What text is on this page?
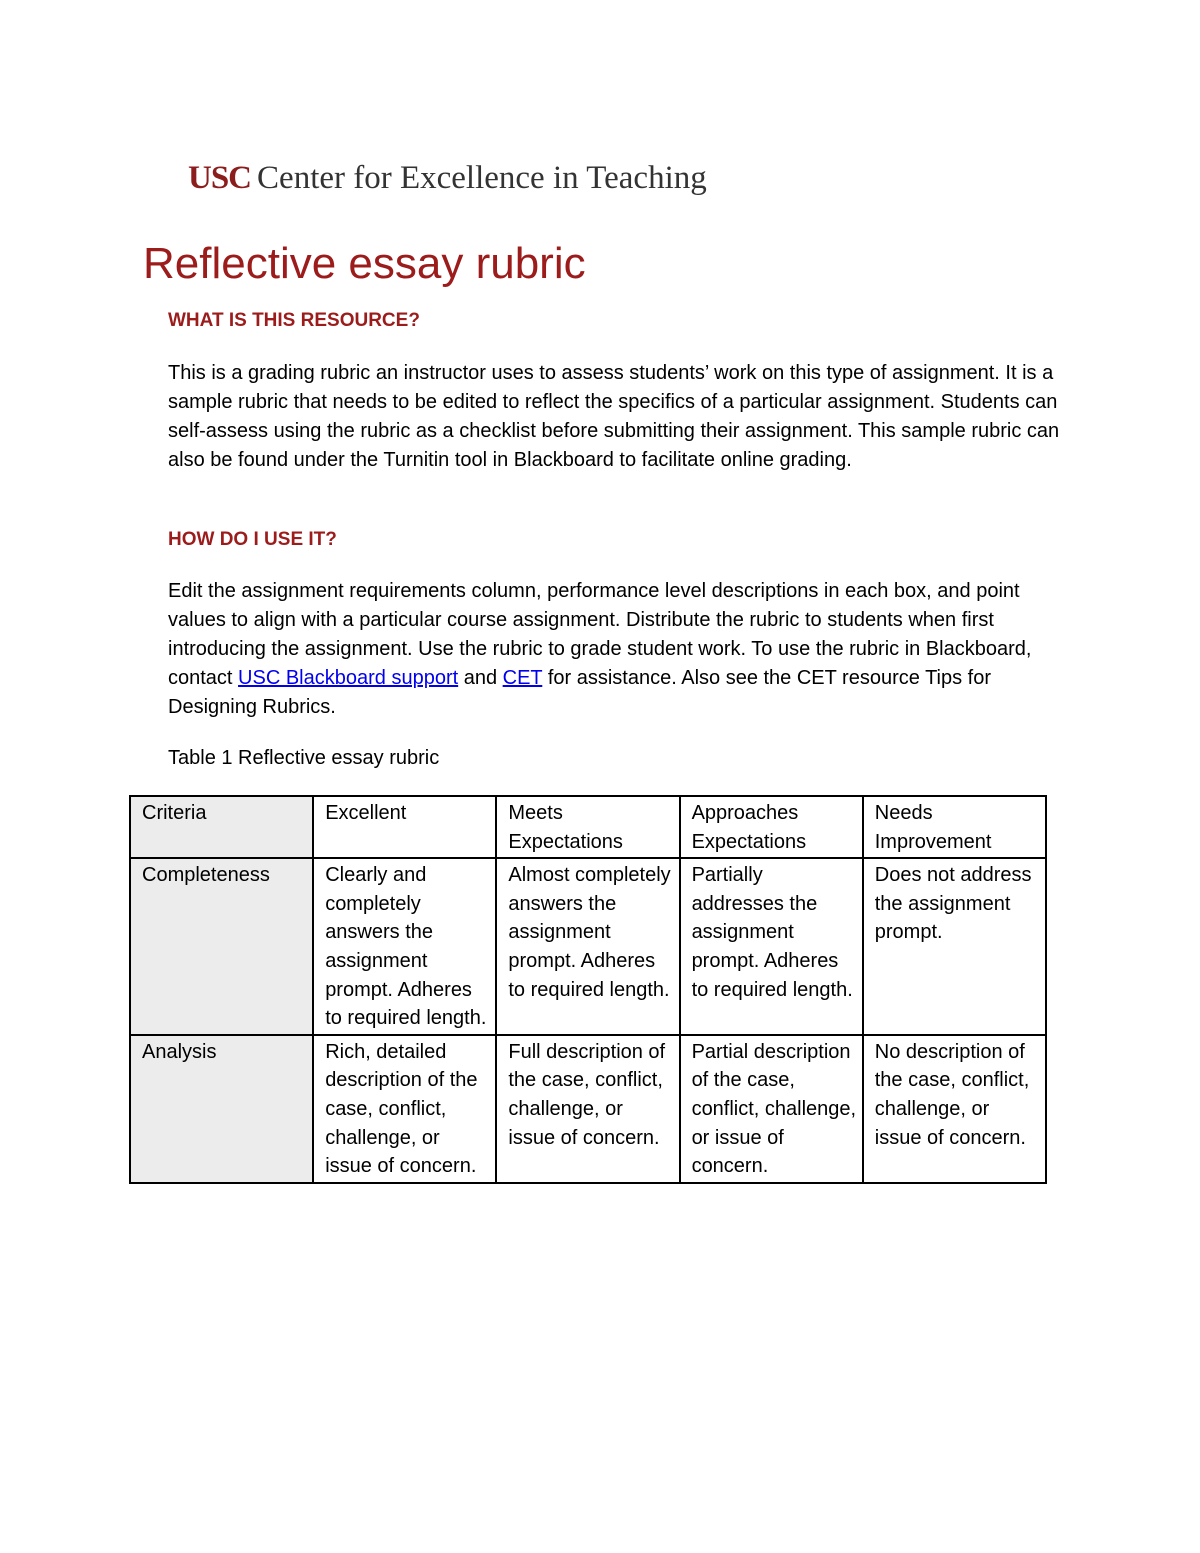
USC Center for Excellence in Teaching
Reflective essay rubric
WHAT IS THIS RESOURCE?

This is a grading rubric an instructor uses to assess students’ work on this type of assignment. It is a sample rubric that needs to be edited to reflect the specifics of a particular assignment. Students can self-assess using the rubric as a checklist before submitting their assignment. This sample rubric can also be found under the Turnitin tool in Blackboard to facilitate online grading.

HOW DO I USE IT?

Edit the assignment requirements column, performance level descriptions in each box, and point values to align with a particular course assignment. Distribute the rubric to students when first introducing the assignment. Use the rubric to grade student work. To use the rubric in Blackboard, contact USC Blackboard support and CET for assistance. Also see the CET resource Tips for Designing Rubrics.

Table 1 Reflective essay rubric

Criteria	Excellent	Meets Expectations	Approaches Expectations	Needs Improvement
Completeness	Clearly and completely answers the assignment prompt. Adheres to required length.	Almost completely answers the assignment prompt. Adheres to required length.	Partially addresses the assignment prompt. Adheres to required length.	Does not address the assignment prompt.
Analysis	Rich, detailed description of the case, conflict, challenge, or issue of concern.	Full description of the case, conflict, challenge, or issue of concern.	Partial description of the case, conflict, challenge, or issue of concern.	No description of the case, conflict, challenge, or issue of concern.
